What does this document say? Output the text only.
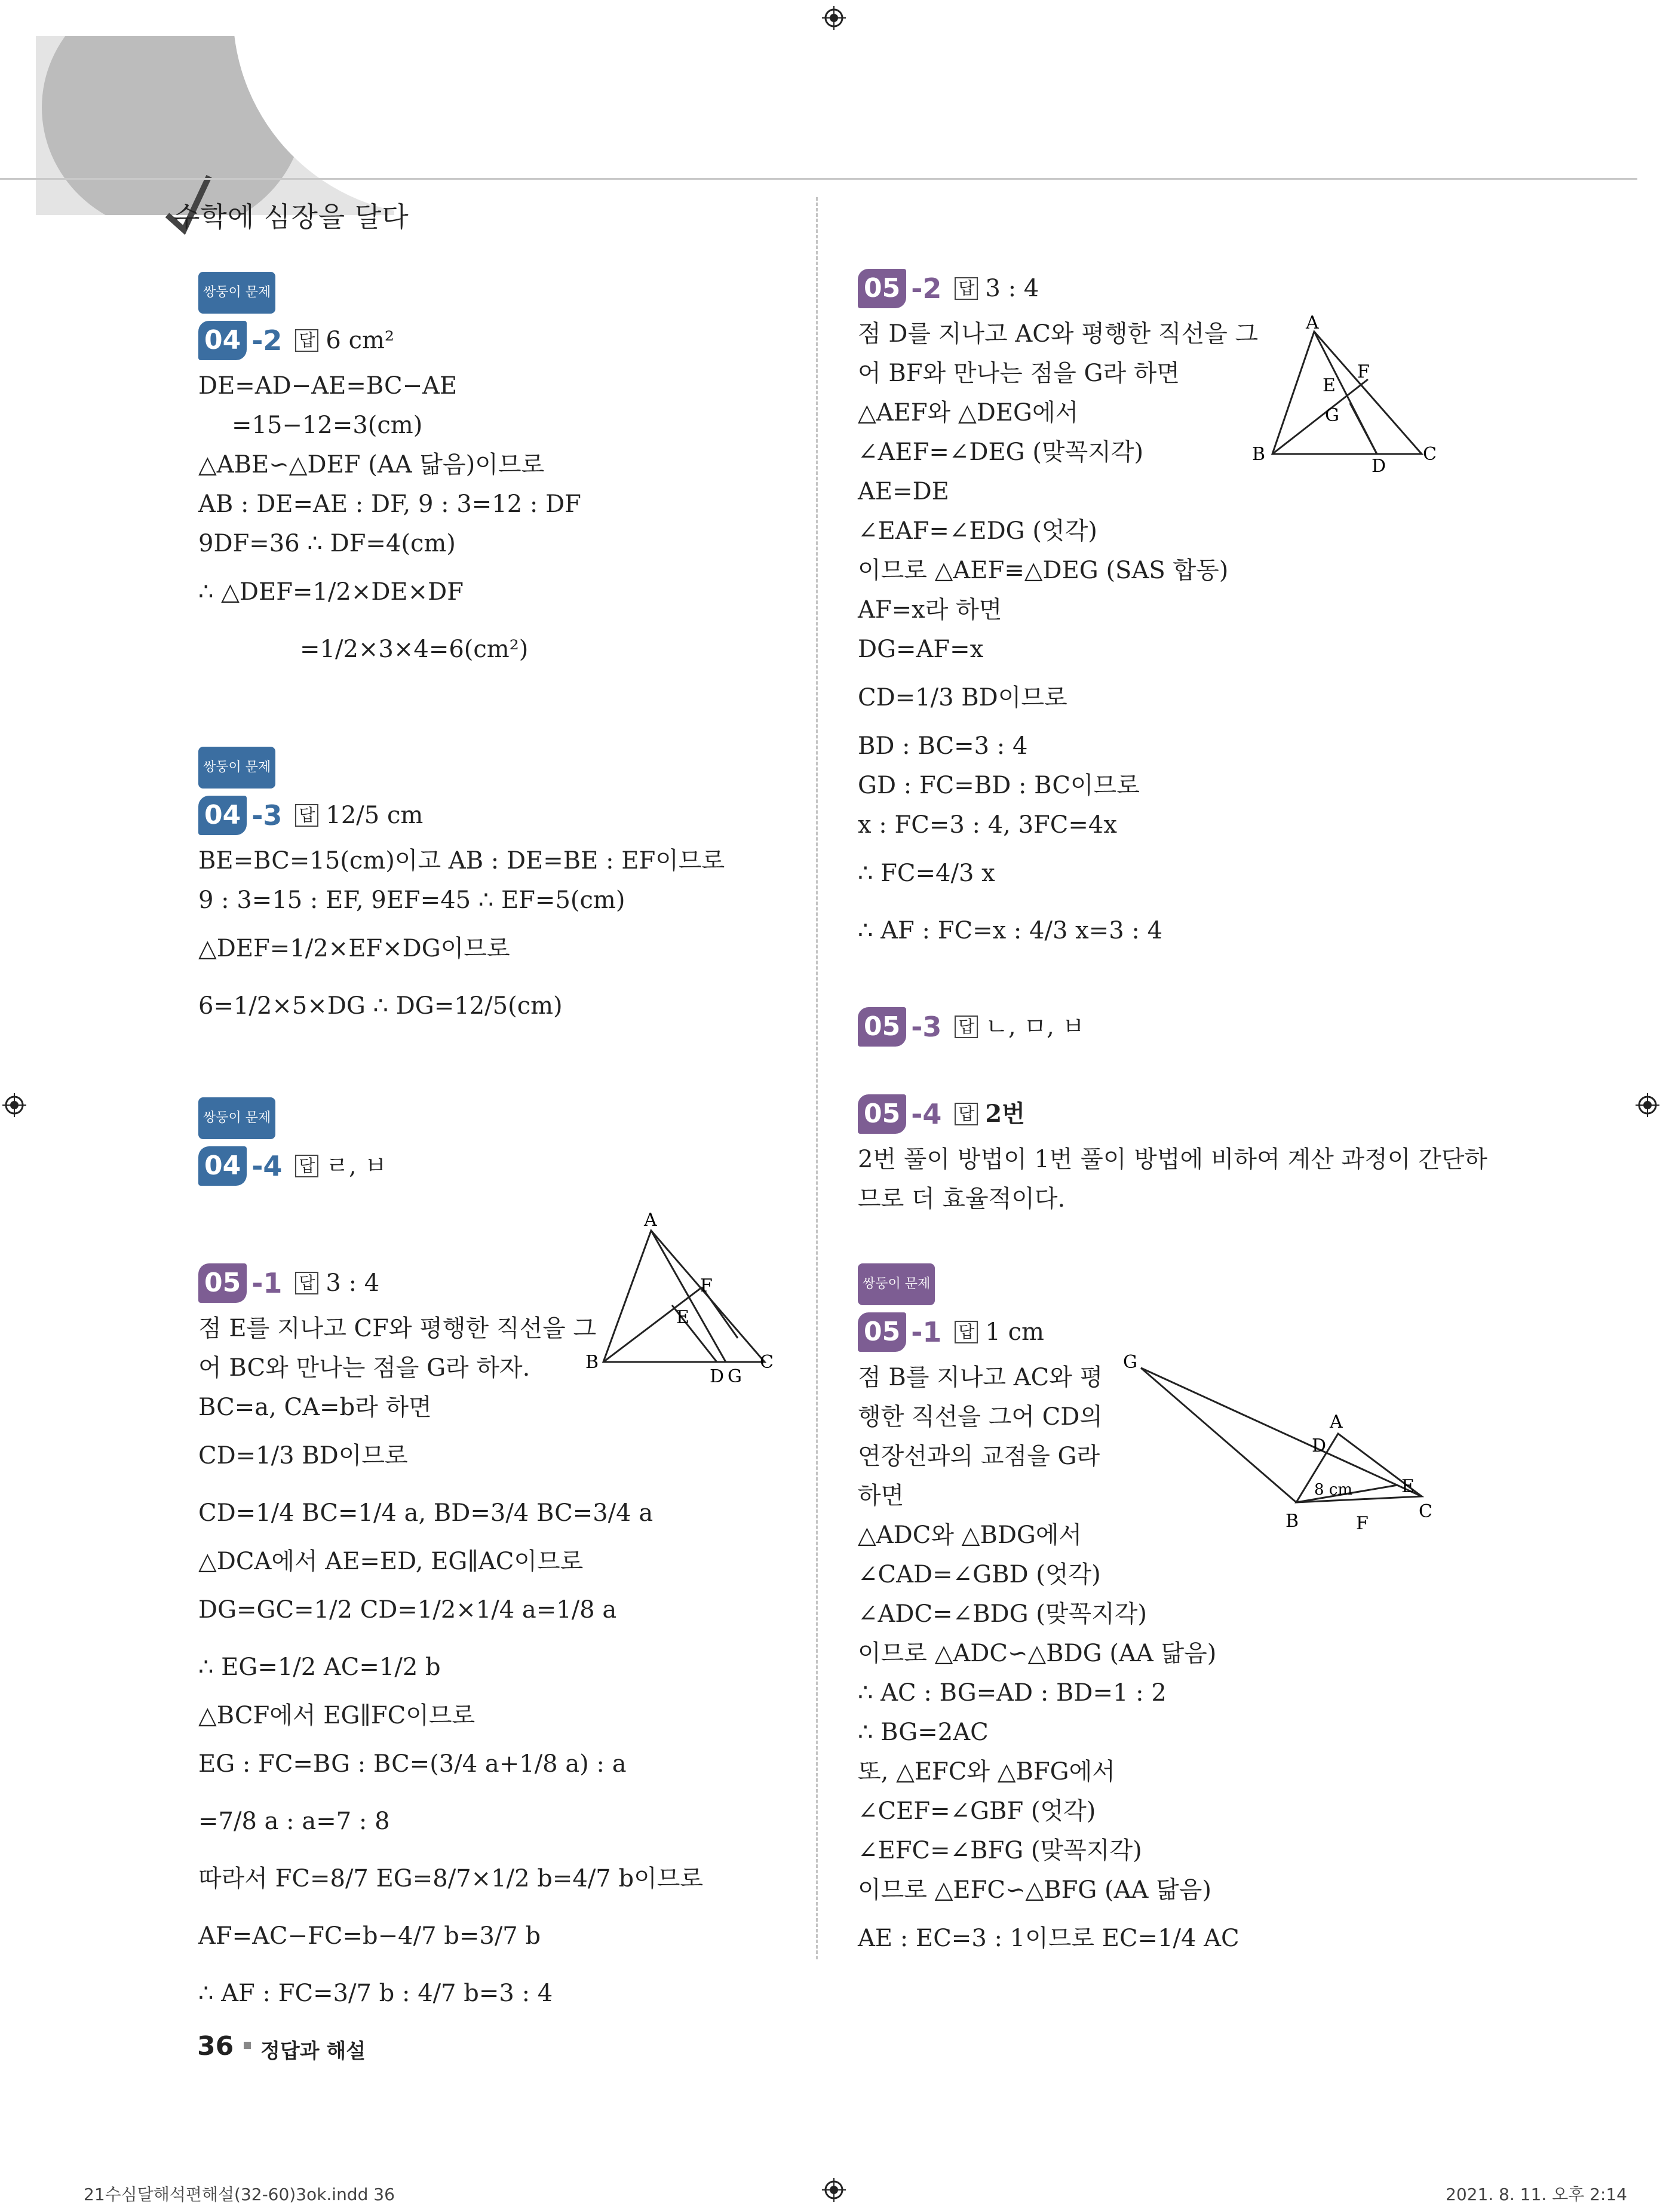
수학에 심장을 달다
쌍둥이 문제
04 -2 답 6 cm²
DE=AD−AE=BC−AE
=15−12=3(cm)
△ABE∽△DEF (AA 닮음)이므로
AB : DE=AE : DF, 9 : 3=12 : DF
9DF=36 ∴ DF=4(cm)
∴ △DEF=1/2×DE×DF
=1/2×3×4=6(cm²)
쌍둥이 문제
04 -3 답 12/5 cm
BE=BC=15(cm)이고 AB : DE=BE : EF이므로
9 : 3=15 : EF, 9EF=45 ∴ EF=5(cm)
△DEF=1/2×EF×DG이므로
6=1/2×5×DG ∴ DG=12/5(cm)
쌍둥이 문제
04 -4 답 ㄹ, ㅂ
05 -1 답 3 : 4
점 E를 지나고 CF와 평행한 직선을 그
어 BC와 만나는 점을 G라 하자.
BC=a, CA=b라 하면
CD=1/3 BD이므로
CD=1/4 BC=1/4 a, BD=3/4 BC=3/4 a
△DCA에서 AE=ED, EG∥AC이므로
DG=GC=1/2 CD=1/2×1/4 a=1/8 a
∴ EG=1/2 AC=1/2 b
△BCF에서 EG∥FC이므로
EG : FC=BG : BC=(3/4 a+1/8 a) : a
=7/8 a : a=7 : 8
따라서 FC=8/7 EG=8/7×1/2 b=4/7 b이므로
AF=AC−FC=b−4/7 b=3/7 b
∴ AF : FC=3/7 b : 4/7 b=3 : 4
A
B	C
D
E
F
G
05 -2 답 3 : 4
점 D를 지나고 AC와 평행한 직선을 그
어 BF와 만나는 점을 G라 하면
△AEF와 △DEG에서
∠AEF=∠DEG (맞꼭지각)
AE=DE
∠EAF=∠EDG (엇각)
이므로 △AEF≡△DEG (SAS 합동)
AF=x라 하면
DG=AF=x
CD=1/3 BD이므로
BD : BC=3 : 4
GD : FC=BD : BC이므로
x : FC=3 : 4, 3FC=4x
∴ FC=4/3 x
∴ AF : FC=x : 4/3 x=3 : 4
05 -3 답 ㄴ, ㅁ, ㅂ
05 -4 답 2번
2번 풀이 방법이 1번 풀이 방법에 비하여 계산 과정이 간단하
므로 더 효율적이다.
쌍둥이 문제
05 -1 답 1 cm
점 B를 지나고 AC와 평
행한 직선을 그어 CD의
연장선과의 교점을 G라
하면
△ADC와 △BDG에서
∠CAD=∠GBD (엇각)
∠ADC=∠BDG (맞꼭지각)
이므로 △ADC∽△BDG (AA 닮음)
∴ AC : BG=AD : BD=1 : 2
∴ BG=2AC
또, △EFC와 △BFG에서
∠CEF=∠GBF (엇각)
∠EFC=∠BFG (맞꼭지각)
이므로 △EFC∽△BFG (AA 닮음)
AE : EC=3 : 1이므로 EC=1/4 AC
A
B	C
D
E
F
G
G
A
D
B	C
E
F
8 cm
36 정답과 해설
21수심달해석편해설(32-60)3ok.indd 36	2021. 8. 11. 오후 2:14
